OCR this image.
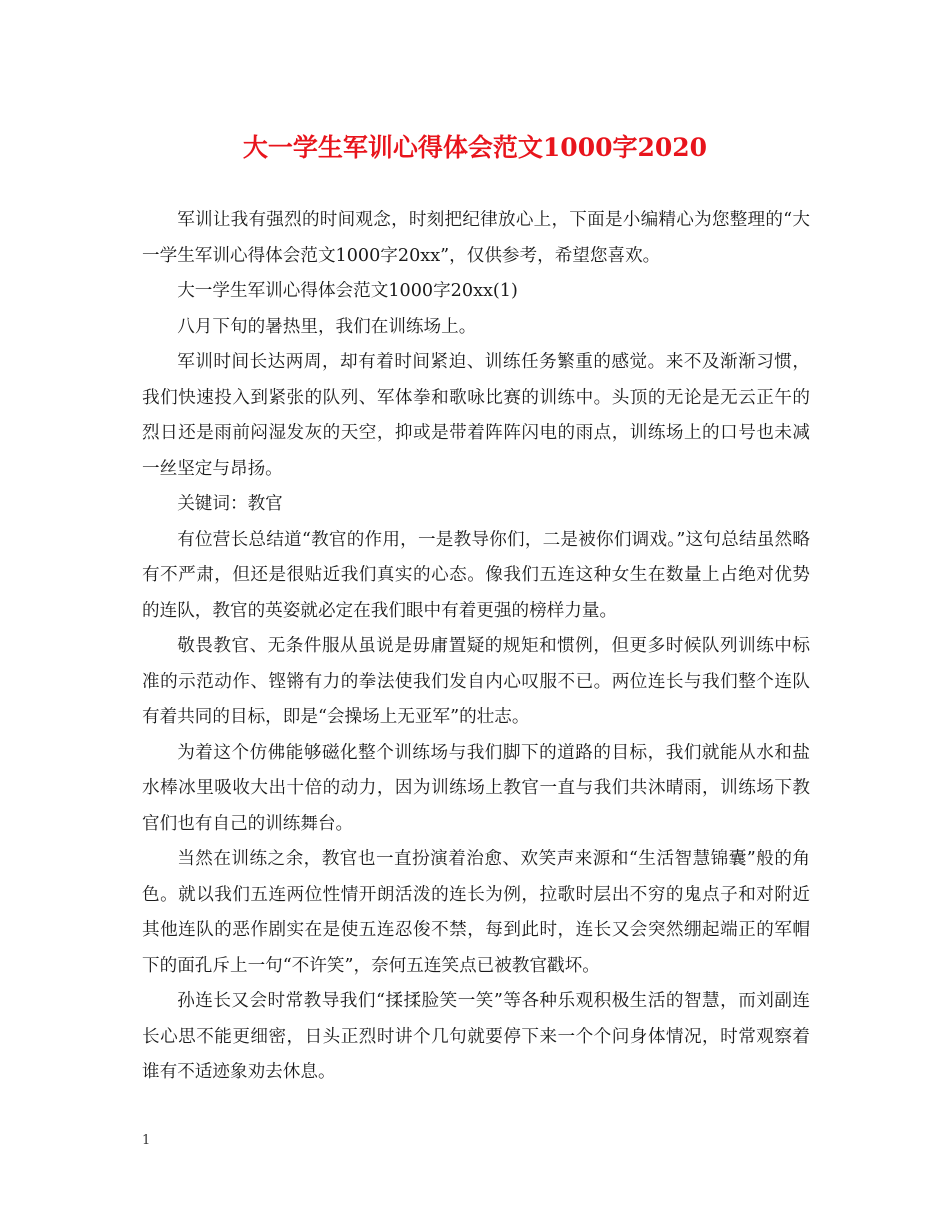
大一学生军训心得体会范文1000字2020

军训让我有强烈的时间观念，时刻把纪律放心上，下面是小编精心为您整理的“大一学生军训心得体会范文1000字20xx”，仅供参考，希望您喜欢。

大一学生军训心得体会范文1000字20xx(1)

八月下旬的暑热里，我们在训练场上。

军训时间长达两周，却有着时间紧迫、训练任务繁重的感觉。来不及渐渐习惯，我们快速投入到紧张的队列、军体拳和歌咏比赛的训练中。头顶的无论是无云正午的烈日还是雨前闷湿发灰的天空，抑或是带着阵阵闪电的雨点，训练场上的口号也未减一丝坚定与昂扬。

关键词：教官

有位营长总结道“教官的作用，一是教导你们，二是被你们调戏。”这句总结虽然略有不严肃，但还是很贴近我们真实的心态。像我们五连这种女生在数量上占绝对优势的连队，教官的英姿就必定在我们眼中有着更强的榜样力量。

敬畏教官、无条件服从虽说是毋庸置疑的规矩和惯例，但更多时候队列训练中标准的示范动作、铿锵有力的拳法使我们发自内心叹服不已。两位连长与我们整个连队有着共同的目标，即是“会操场上无亚军”的壮志。

为着这个仿佛能够磁化整个训练场与我们脚下的道路的目标，我们就能从水和盐水棒冰里吸收大出十倍的动力，因为训练场上教官一直与我们共沐晴雨，训练场下教官们也有自己的训练舞台。

当然在训练之余，教官也一直扮演着治愈、欢笑声来源和“生活智慧锦囊”般的角色。就以我们五连两位性情开朗活泼的连长为例，拉歌时层出不穷的鬼点子和对附近其他连队的恶作剧实在是使五连忍俊不禁，每到此时，连长又会突然绷起端正的军帽下的面孔斥上一句“不许笑”，奈何五连笑点已被教官戳坏。

孙连长又会时常教导我们“揉揉脸笑一笑”等各种乐观积极生活的智慧，而刘副连长心思不能更细密，日头正烈时讲个几句就要停下来一个个问身体情况，时常观察着谁有不适迹象劝去休息。

1
